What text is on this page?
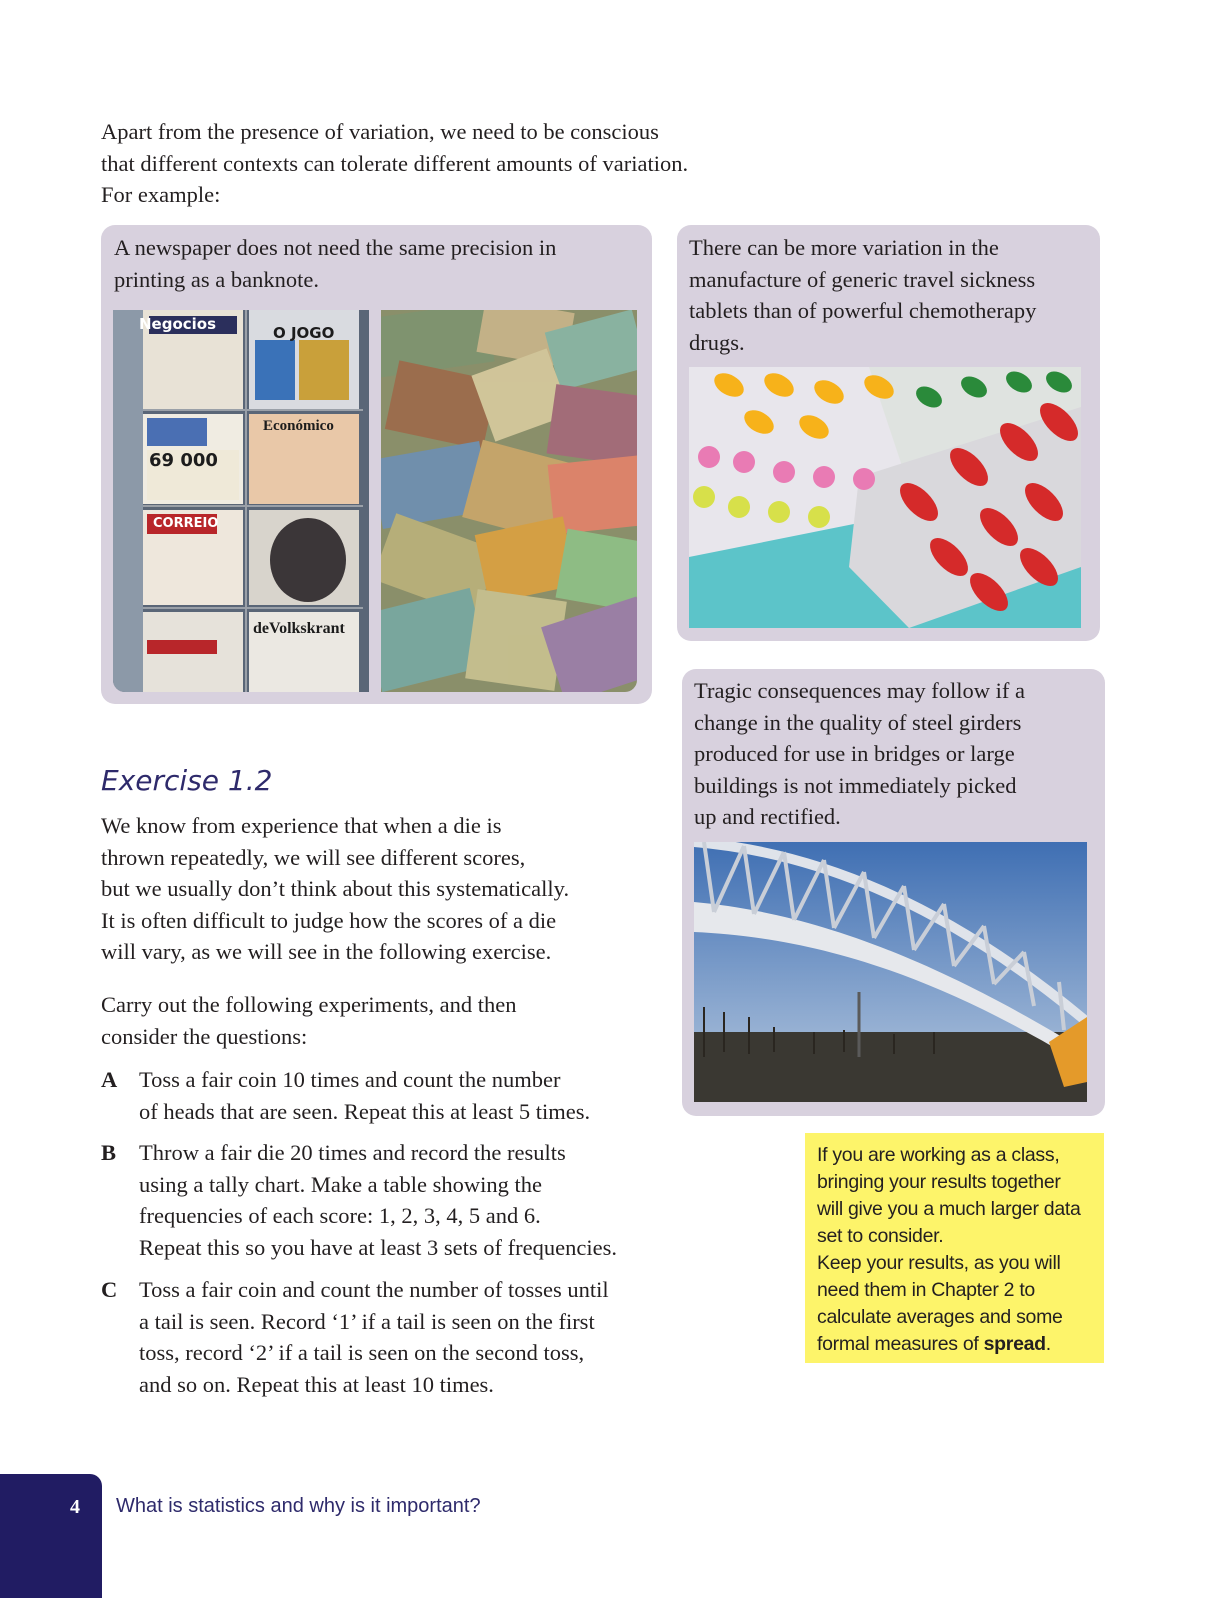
Apart from the presence of variation, we need to be conscious
that different contexts can tolerate different amounts of variation.
For example:

A newspaper does not need the same precision in
printing as a banknote.

Negocios	O JOGO
Económico
69 000
CORREIO
deVolkskrant

There can be more variation in the
manufacture of generic travel sickness
tablets than of powerful chemotherapy
drugs.

Tragic consequences may follow if a
change in the quality of steel girders
produced for use in bridges or large
buildings is not immediately picked
up and rectified.

Exercise 1.2

We know from experience that when a die is
thrown repeatedly, we will see different scores,
but we usually don’t think about this systematically.
It is often difficult to judge how the scores of a die
will vary, as we will see in the following exercise.

Carry out the following experiments, and then
consider the questions:

A Toss a fair coin 10 times and count the number
of heads that are seen. Repeat this at least 5 times.
B Throw a fair die 20 times and record the results
using a tally chart. Make a table showing the
frequencies of each score: 1, 2, 3, 4, 5 and 6.
Repeat this so you have at least 3 sets of frequencies.
C Toss a fair coin and count the number of tosses until
a tail is seen. Record ‘1’ if a tail is seen on the first
toss, record ‘2’ if a tail is seen on the second toss,
and so on. Repeat this at least 10 times.

If you are working as a class,
bringing your results together
will give you a much larger data
set to consider.
Keep your results, as you will
need them in Chapter 2 to
calculate averages and some
formal measures of spread.

4	What is statistics and why is it important?
